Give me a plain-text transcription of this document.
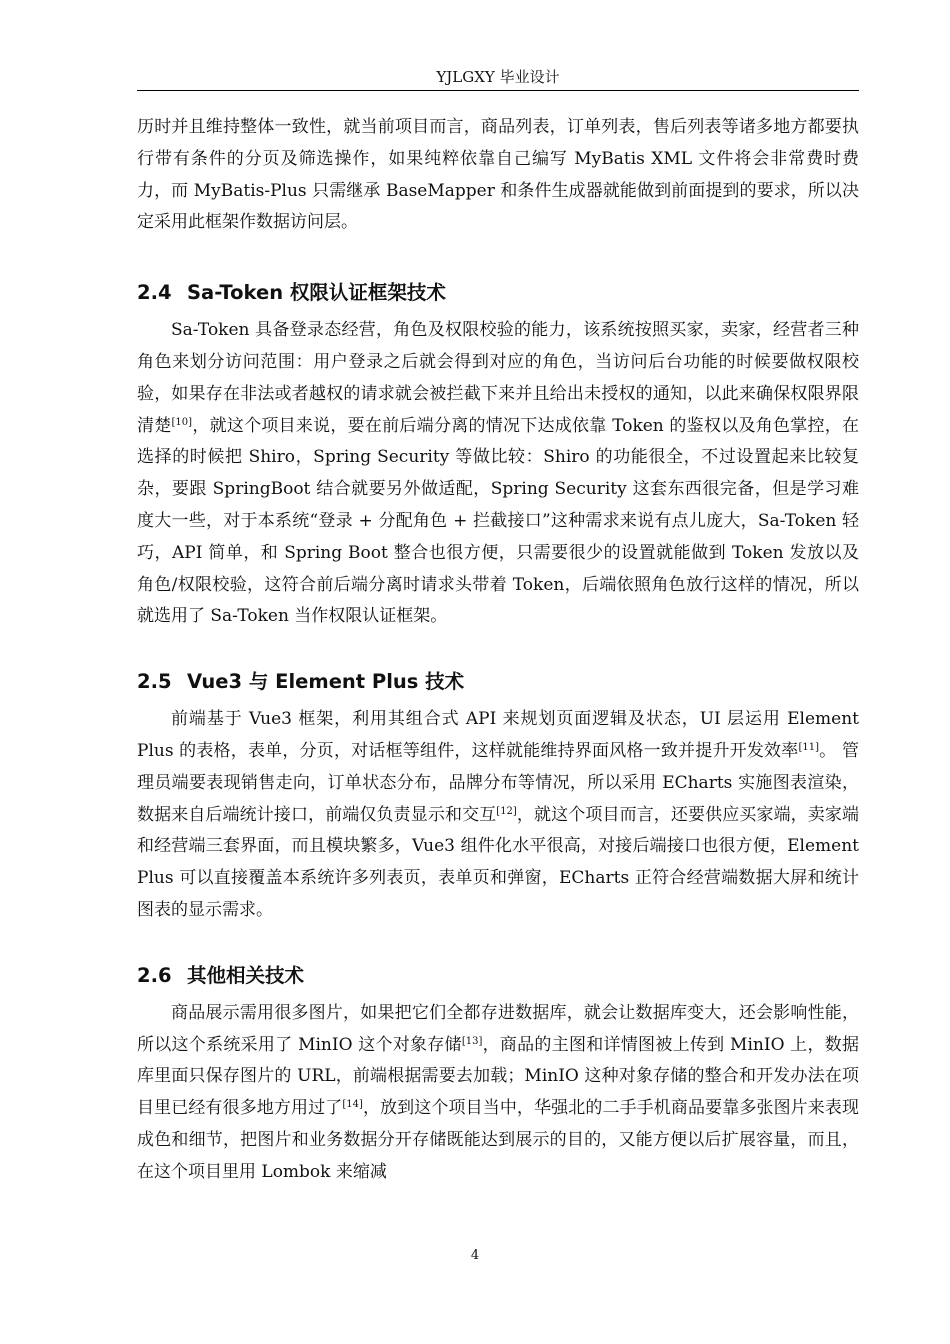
YJLGXY 毕业设计

历时并且维持整体一致性，就当前项目而言，商品列表，订单列表，售后列表等诸多地方都要执行带有条件的分页及筛选操作，如果纯粹依靠自己编写 MyBatis XML 文件将会非常费时费力，而 MyBatis-Plus 只需继承 BaseMapper 和条件生成器就能做到前面提到的要求，所以决定采用此框架作数据访问层。

2.4 Sa-Token 权限认证框架技术

Sa-Token 具备登录态经营，角色及权限校验的能力，该系统按照买家，卖家，经营者三种角色来划分访问范围：用户登录之后就会得到对应的角色，当访问后台功能的时候要做权限校验，如果存在非法或者越权的请求就会被拦截下来并且给出未授权的通知，以此来确保权限界限清楚[10]，就这个项目来说，要在前后端分离的情况下达成依靠 Token 的鉴权以及角色掌控，在选择的时候把 Shiro，Spring Security 等做比较：Shiro 的功能很全，不过设置起来比较复杂，要跟 SpringBoot 结合就要另外做适配，Spring Security 这套东西很完备，但是学习难度大一些，对于本系统“登录 + 分配角色 + 拦截接口”这种需求来说有点儿庞大，Sa-Token 轻巧，API 简单，和 Spring Boot 整合也很方便，只需要很少的设置就能做到 Token 发放以及角色/权限校验，这符合前后端分离时请求头带着 Token，后端依照角色放行这样的情况，所以就选用了 Sa-Token 当作权限认证框架。

2.5 Vue3 与 Element Plus 技术

前端基于 Vue3 框架，利用其组合式 API 来规划页面逻辑及状态，UI 层运用 Element Plus 的表格，表单，分页，对话框等组件，这样就能维持界面风格一致并提升开发效率[11]。 管理员端要表现销售走向，订单状态分布，品牌分布等情况，所以采用 ECharts 实施图表渲染，数据来自后端统计接口，前端仅负责显示和交互[12]，就这个项目而言，还要供应买家端，卖家端和经营端三套界面，而且模块繁多，Vue3 组件化水平很高，对接后端接口也很方便，Element Plus 可以直接覆盖本系统许多列表页，表单页和弹窗，ECharts 正符合经营端数据大屏和统计图表的显示需求。

2.6 其他相关技术

商品展示需用很多图片，如果把它们全都存进数据库，就会让数据库变大，还会影响性能，所以这个系统采用了 MinIO 这个对象存储[13]，商品的主图和详情图被上传到 MinIO 上，数据库里面只保存图片的 URL，前端根据需要去加载；MinIO 这种对象存储的整合和开发办法在项目里已经有很多地方用过了[14]，放到这个项目当中，华强北的二手手机商品要靠多张图片来表现成色和细节，把图片和业务数据分开存储既能达到展示的目的，又能方便以后扩展容量，而且，在这个项目里用 Lombok 来缩减

4
